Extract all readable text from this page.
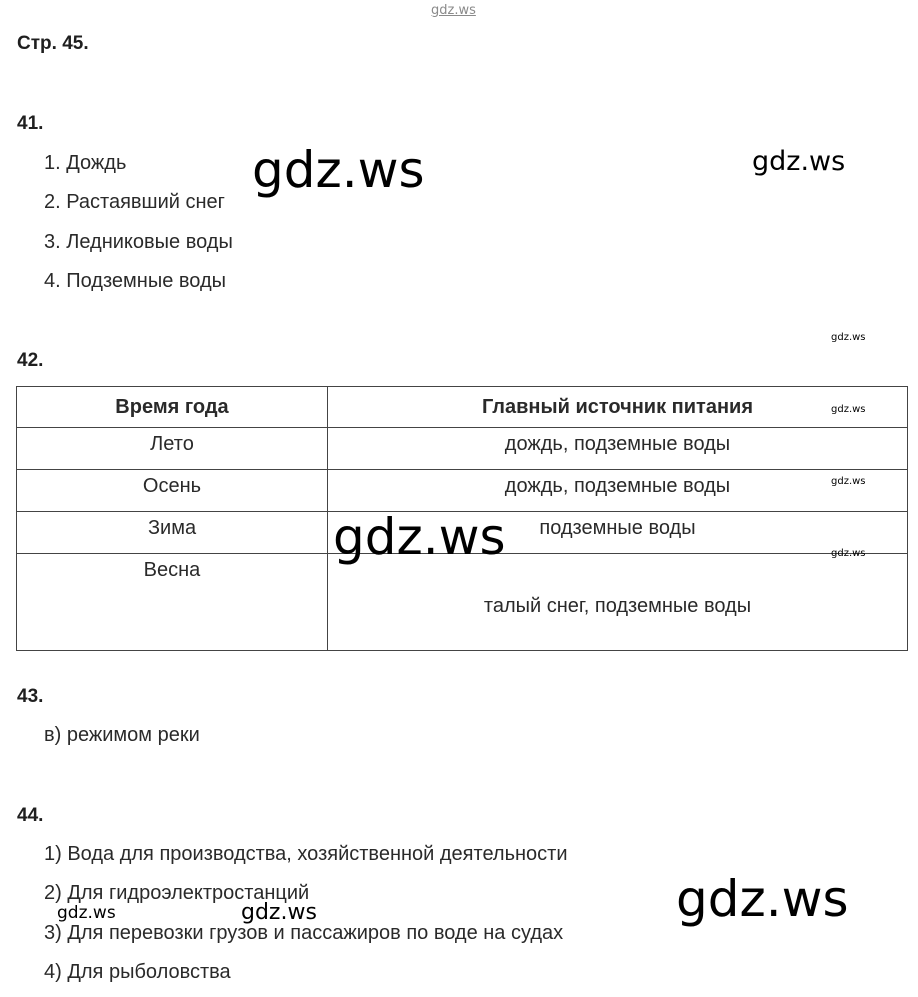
gdz.ws
Стр. 45.
41.
1. Дождь
2. Растаявший снег
3. Ледниковые воды
4. Подземные воды
gdz.ws	gdz.ws
gdz.ws
42.
Время года	Главный источник питания
Лето	дождь, подземные воды
Осень	дождь, подземные воды
Зима	подземные воды
Весна	талый снег, подземные воды
gdz.ws
gdz.ws
gdz.ws
gdz.ws
43.
в) режимом реки
44.
1) Вода для производства, хозяйственной деятельности
2) Для гидроэлектростанций
3) Для перевозки грузов и пассажиров по воде на судах
4) Для рыболовства
gdz.ws	gdz.ws	gdz.ws
